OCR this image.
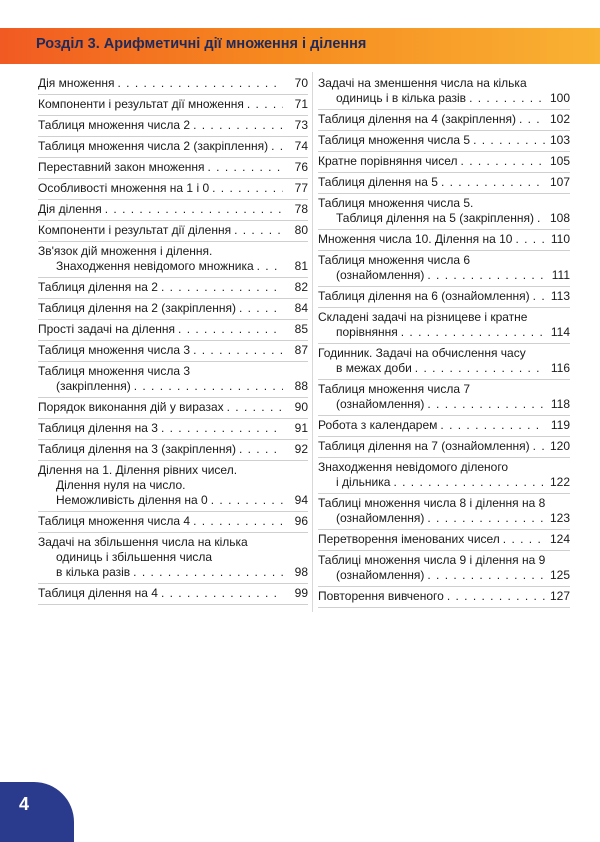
Розділ 3. Арифметичні дії множення і ділення
Дія множення . . .	70
Компоненти і результат дії множення . . .	71
Таблиця множення числа 2 . . .	73
Таблиця множення числа 2 (закріплення) . . .	74
Переставний закон множення . . .	76
Особливості множення на 1 і 0 . . .	77
Дія ділення . . .	78
Компоненти і результат дії ділення . . .	80
Зв'язок дій множення і ділення.
Знаходження невідомого множника . . .	81
Таблиця ділення на 2 . . .	82
Таблиця ділення на 2 (закріплення) . . .	84
Прості задачі на ділення . . .	85
Таблиця множення числа 3 . . .	87
Таблиця множення числа 3
(закріплення) . . .	88
Порядок виконання дій у виразах . . .	90
Таблиця ділення на 3 . . .	91
Таблиця ділення на 3 (закріплення) . . .	92
Ділення на 1. Ділення рівних чисел.
Ділення нуля на число.
Неможливість ділення на 0 . . .	94
Таблиця множення числа 4 . . .	96
Задачі на збільшення числа на кілька
одиниць і збільшення числа
в кілька разів . . .	98
Таблиця ділення на 4 . . .	99
Задачі на зменшення числа на кілька
одиниць і в кілька разів . . .	100
Таблиця ділення на 4 (закріплення) . . .	102
Таблиця множення числа 5 . . .	103
Кратне порівняння чисел . . .	105
Таблиця ділення на 5 . . .	107
Таблиця множення числа 5.
Таблиця ділення на 5 (закріплення) . . . 108
Множення числа 10. Ділення на 10 . . .	110
Таблиця множення числа 6
(ознайомлення) . . .	111
Таблиця ділення на 6 (ознайомлення) . . . 113
Складені задачі на різницеве і кратне
порівняння . . .	114
Годинник. Задачі на обчислення часу
в межах доби . . .	116
Таблиця множення числа 7
(ознайомлення) . . .	118
Робота з календарем . . .	119
Таблиця ділення на 7 (ознайомлення) . . . 120
Знаходження невідомого діленого
і дільника . . .	122
Таблиці множення числа 8 і ділення на 8
(ознайомлення) . . .	123
Перетворення іменованих чисел . . .	124
Таблиці множення числа 9 і ділення на 9
(ознайомлення) . . .	125
Повторення вивченого . . .	127
4
